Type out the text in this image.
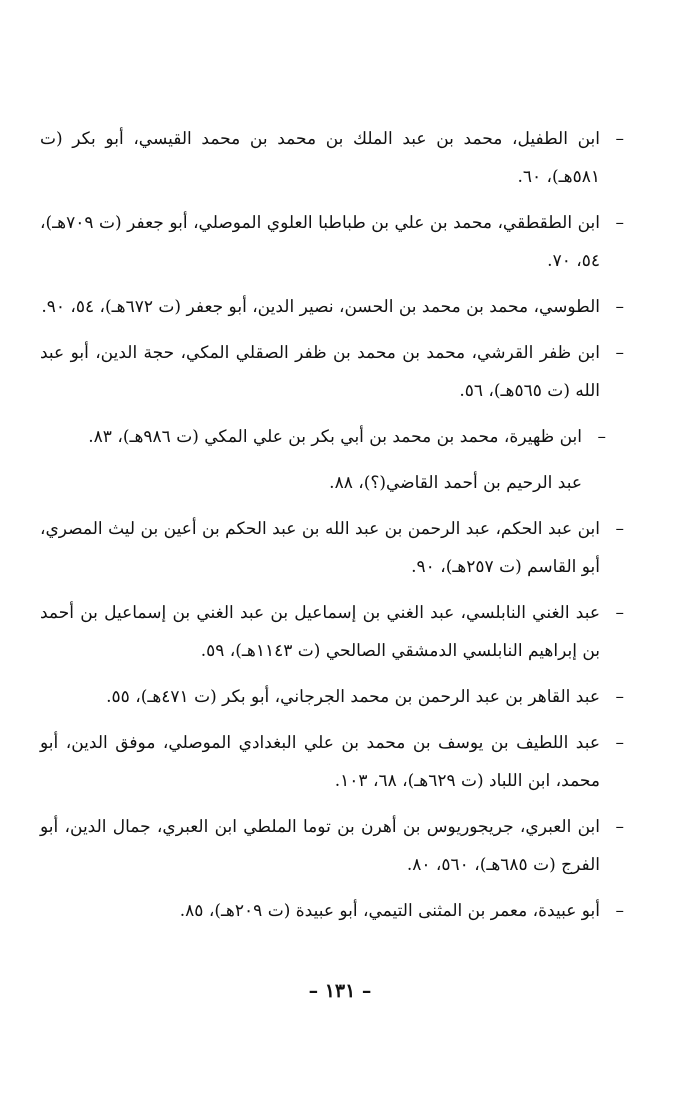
–
ابن الطفيل، محمد بن عبد الملك بن محمد بن محمد القيسي، أبو بكر (ت ٥٨١هـ)، ٦٠.
–
ابن الطقطقي، محمد بن علي بن طباطبا العلوي الموصلي، أبو جعفر (ت ٧٠٩هـ)، ٥٤، ٧٠.
–
الطوسي، محمد بن محمد بن الحسن، نصير الدين، أبو جعفر (ت ٦٧٢هـ)، ٥٤، ٩٠.
–
ابن ظفر القرشي، محمد بن محمد بن ظفر الصقلي المكي، حجة الدين، أبو عبد الله (ت ٥٦٥هـ)، ٥٦.
–
ابن ظهيرة، محمد بن محمد بن أبي بكر بن علي المكي (ت ٩٨٦هـ)، ٨٣.
عبد الرحيم بن أحمد القاضي(؟)، ٨٨.
–
ابن عبد الحكم، عبد الرحمن بن عبد الله بن عبد الحكم بن أعين بن ليث المصري، أبو القاسم (ت ٢٥٧هـ)، ٩٠.
–
عبد الغني النابلسي، عبد الغني بن إسماعيل بن عبد الغني بن إسماعيل بن أحمد بن إبراهيم النابلسي الدمشقي الصالحي (ت ١١٤٣هـ)، ٥٩.
–
عبد القاهر بن عبد الرحمن بن محمد الجرجاني، أبو بكر (ت ٤٧١هـ)، ٥٥.
–
عبد اللطيف بن يوسف بن محمد بن علي البغدادي الموصلي، موفق الدين، أبو محمد، ابن اللباد (ت ٦٢٩هـ)، ٦٨، ١٠٣.
–
ابن العبري، جريجوريوس بن أهرن بن توما الملطي ابن العبري، جمال الدين، أبو الفرج (ت ٦٨٥هـ)، ٥٦٠، ٨٠.
–
أبو عبيدة، معمر بن المثنى التيمي، أبو عبيدة (ت ٢٠٩هـ)، ٨٥.
– ١٣١ –
